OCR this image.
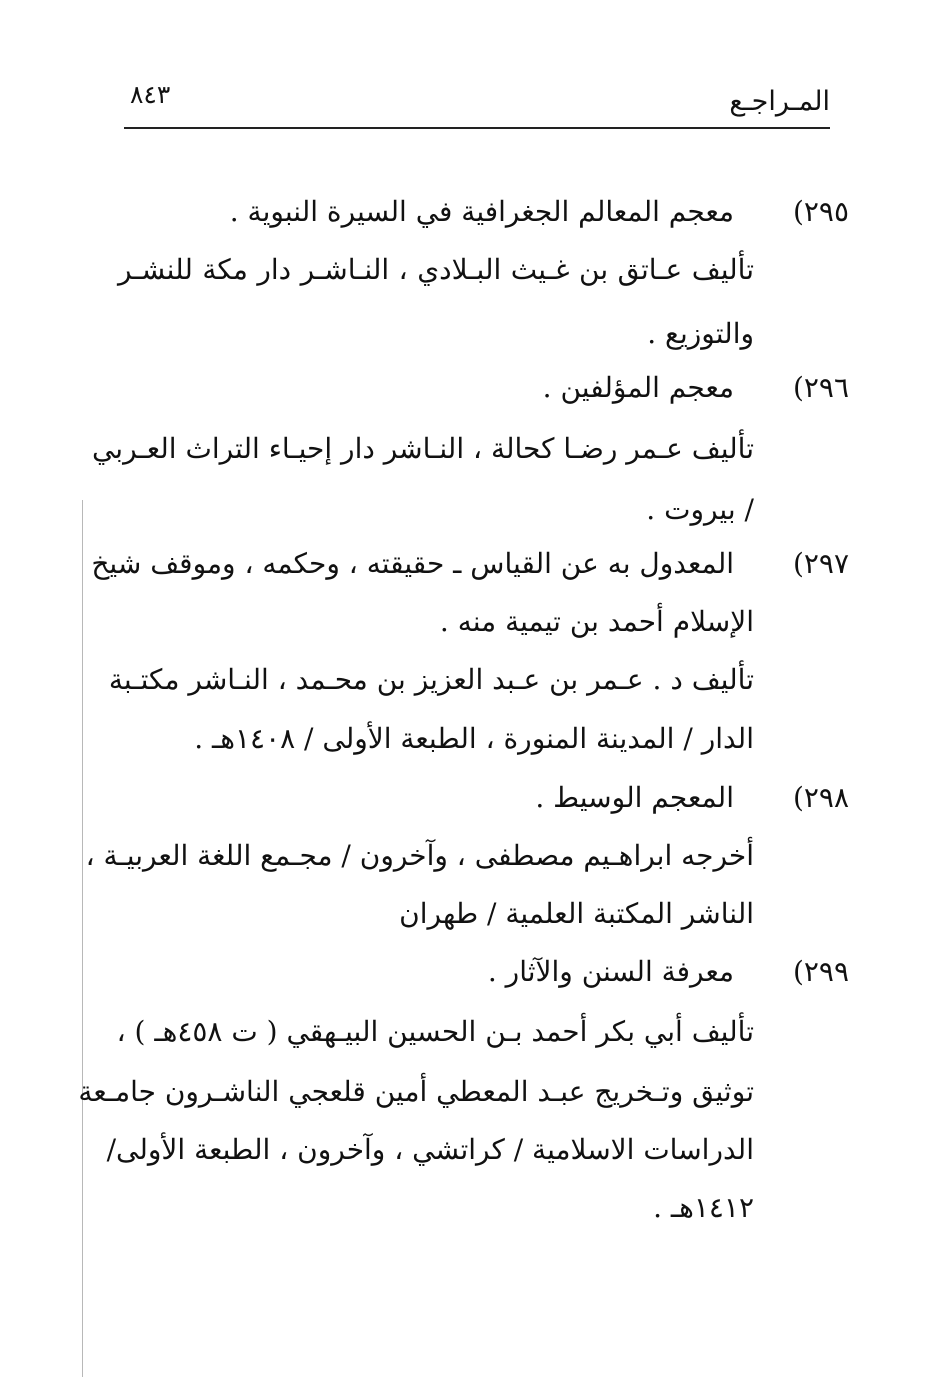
المـراجـع
٨٤٣
٢٩٥)
معجم المعالم الجغرافية في السيرة النبوية .
تأليف عـاتق بن غـيث البـلادي ، النـاشـر دار مكة للنشـر
والتوزيع .
٢٩٦)
معجم المؤلفين .
تأليف عـمر رضـا كحالة ، النـاشر دار إحيـاء التراث العـربي
/ بيروت .
٢٩٧)
المعدول به عن القياس ـ حقيقته ، وحكمه ، وموقف شيخ
الإسلام أحمد بن تيمية منه .
تأليف د . عـمر بن عـبد العزيز بن محـمد ، النـاشر مكتـبة
الدار / المدينة المنورة ، الطبعة الأولى / ١٤٠٨هـ .
٢٩٨)
المعجم الوسيط .
أخرجه ابراهـيم مصطفى ، وآخرون / مجـمع اللغة العربيـة ،
الناشر المكتبة العلمية / طهران
٢٩٩)
معرفة السنن والآثار .
تأليف أبي بكر أحمد بـن الحسين البيـهقي ( ت ٤٥٨هـ ) ،
توثيق وتـخريج عبـد المعطي أمين قلعجي الناشـرون جامـعة
الدراسات الاسلامية / كراتشي ، وآخرون ، الطبعة الأولى/
١٤١٢هـ .
